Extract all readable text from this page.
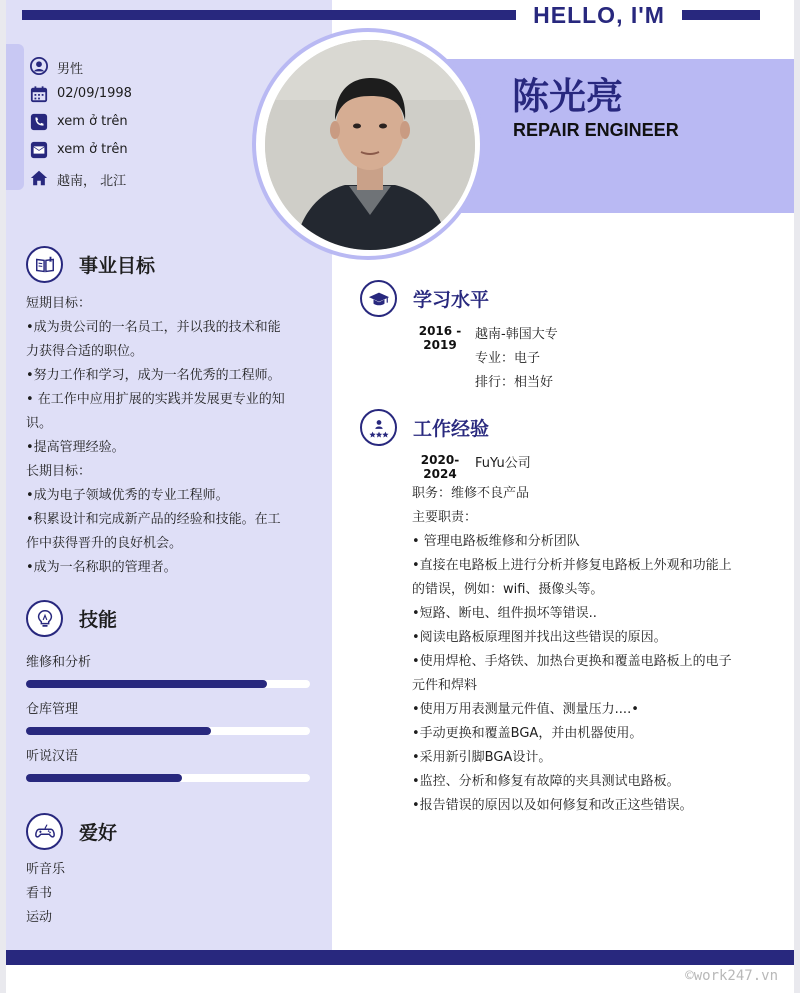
HELLO, I'M
陈光亮
REPAIR ENGINEER
男性
02/09/1998
xem ở trên
xem ở trên
越南， 北江
事业目标
短期目标：
•成为贵公司的一名员工，并以我的技术和能
力获得合适的职位。
•努力工作和学习，成为一名优秀的工程师。
• 在工作中应用扩展的实践并发展更专业的知
识。
•提高管理经验。
长期目标：
•成为电子领域优秀的专业工程师。
•积累设计和完成新产品的经验和技能。在工
作中获得晋升的良好机会。
•成为一名称职的管理者。
技能
维修和分析
仓库管理
听说汉语
爱好
听音乐
看书
运动
学习水平
2016 -
2019
越南-韩国大专
专业：电子
排行：相当好
工作经验
2020-
2024
FuYu公司
职务：维修不良产品
主要职责：
• 管理电路板维修和分析团队
•直接在电路板上进行分析并修复电路板上外观和功能上
的错误，例如：wifi、摄像头等。
•短路、断电、组件损坏等错误..
•阅读电路板原理图并找出这些错误的原因。
•使用焊枪、手烙铁、加热台更换和覆盖电路板上的电子
元件和焊料
•使用万用表测量元件值、测量压力....•
•手动更换和覆盖BGA，并由机器使用。
•采用新引脚BGA设计。
•监控、分析和修复有故障的夹具测试电路板。
•报告错误的原因以及如何修复和改正这些错误。
©work247.vn
